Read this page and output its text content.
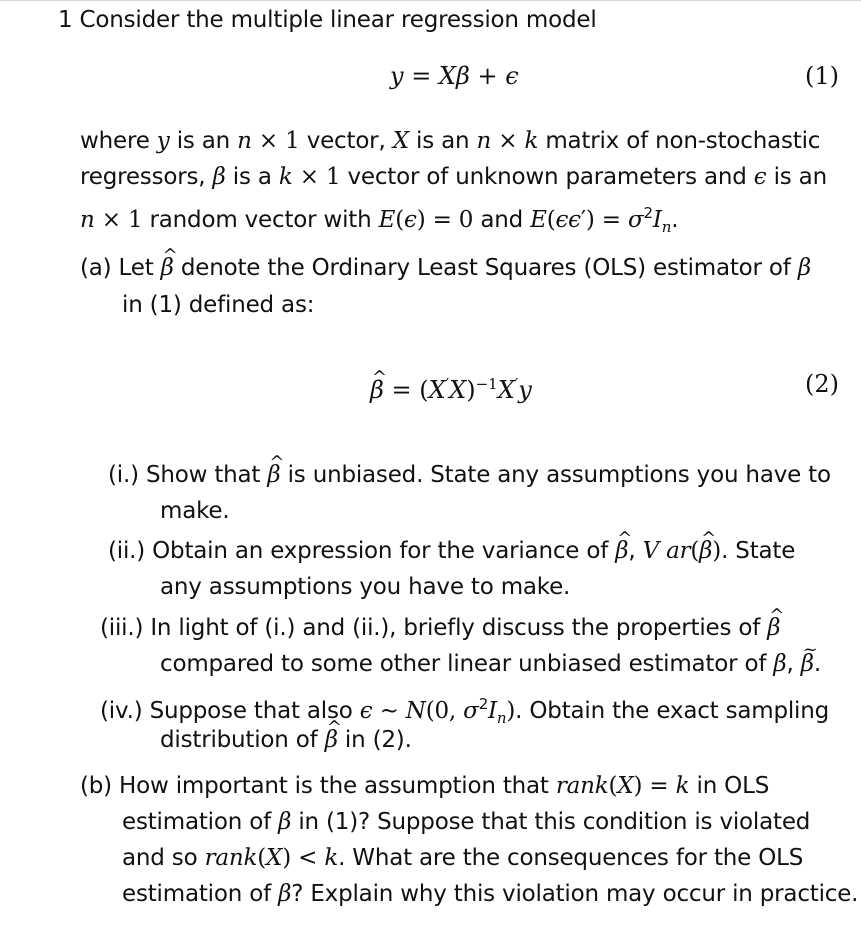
1 Consider the multiple linear regression model
y = Xβ + ϵ	(1)
where y is an n × 1 vector, X is an n × k matrix of non-stochastic
regressors, β is a k × 1 vector of unknown parameters and ϵ is an
n × 1 random vector with E(ϵ) = 0 and $E(\epsilon\epsilon') = \sigma^2I_n$.
(a) Let ^ β denote the Ordinary Least Squares (OLS) estimator of β
in (1) defined as:
^ $\beta = (X'X)^{-1}X'y$	(2)
(i.) Show that ^ β is unbiased. State any assumptions you have to
make.
(ii.) Obtain an expression for the variance of ^ β, V ar(^ β). State
any assumptions you have to make.
(iii.) In light of (i.) and (ii.), briefly discuss the properties of ^ β
compared to some other linear unbiased estimator of β, ~ β.
(iv.) Suppose that also ϵ ∼ N(0, $\sigma^2I_n$). Obtain the exact sampling
distribution of ^ β in (2).
(b) How important is the assumption that rank(X) = k in OLS
estimation of β in (1)? Suppose that this condition is violated
and so rank(X) < k. What are the consequences for the OLS
estimation of β? Explain why this violation may occur in practice.
